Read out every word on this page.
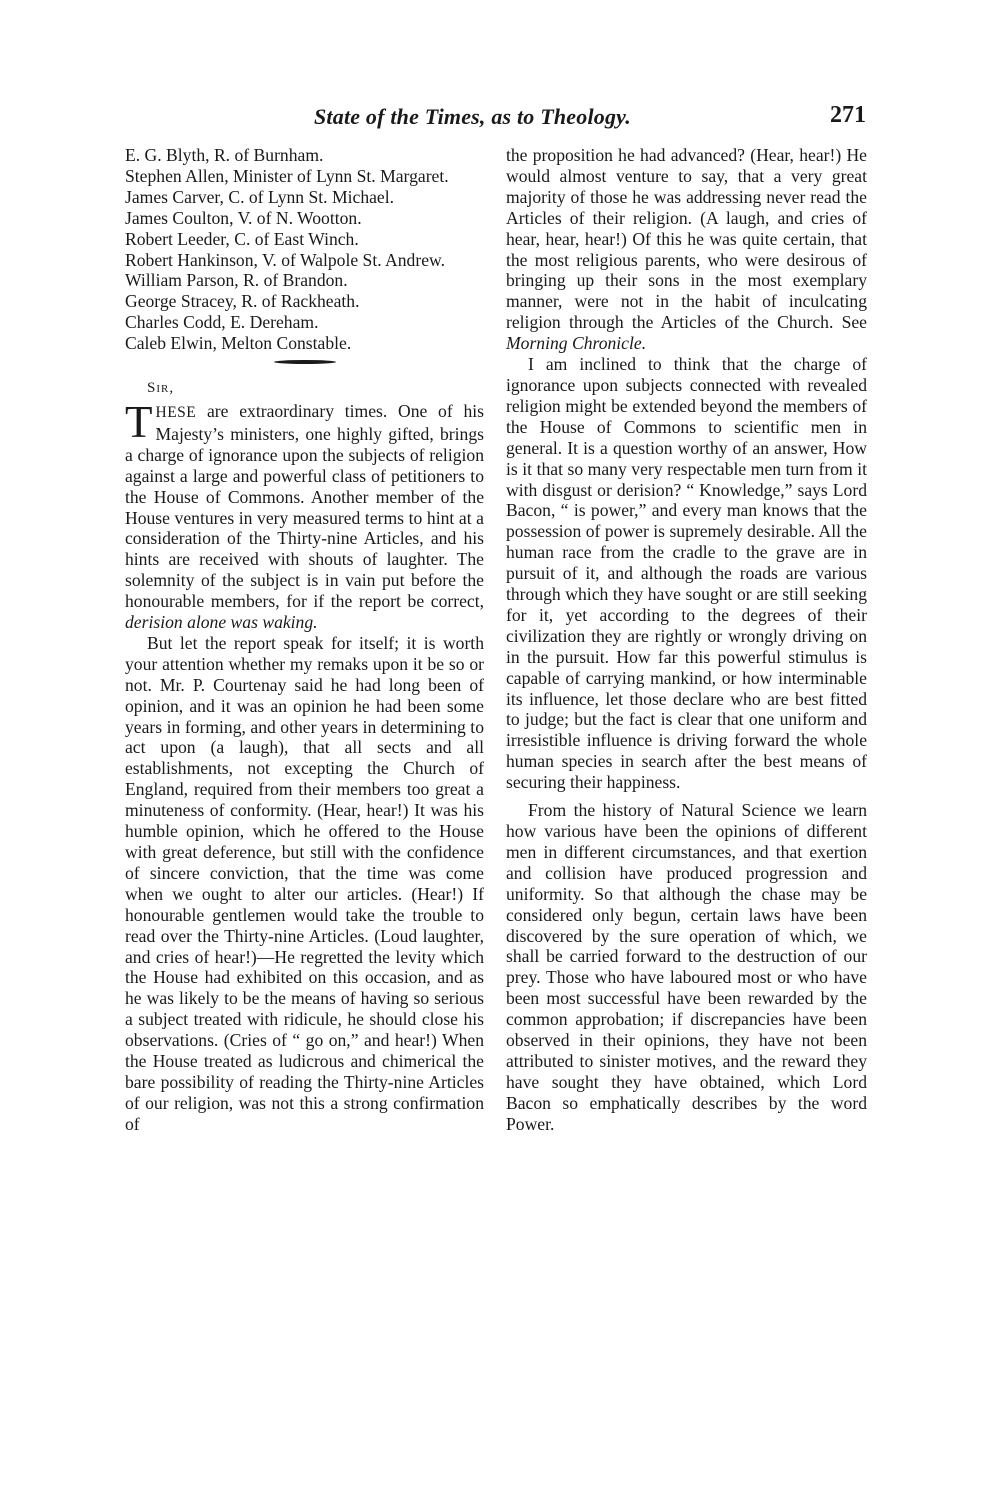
State of the Times, as to Theology.	271
E. G. Blyth, R. of Burnham.
Stephen Allen, Minister of Lynn St. Margaret.
James Carver, C. of Lynn St. Michael.
James Coulton, V. of N. Wootton.
Robert Leeder, C. of East Winch.
Robert Hankinson, V. of Walpole St. Andrew.
William Parson, R. of Brandon.
George Stracey, R. of Rackheath.
Charles Codd, E. Dereham.
Caleb Elwin, Melton Constable.
Sir,

THESE are extraordinary times. One of his Majesty’s ministers, one highly gifted, brings a charge of ignorance upon the subjects of religion against a large and powerful class of petitioners to the House of Commons. Another member of the House ventures in very measured terms to hint at a consideration of the Thirty-nine Articles, and his hints are received with shouts of laughter. The solemnity of the subject is in vain put before the honourable members, for if the report be correct, derision alone was waking.

But let the report speak for itself; it is worth your attention whether my remaks upon it be so or not. Mr. P. Courtenay said he had long been of opinion, and it was an opinion he had been some years in forming, and other years in determining to act upon (a laugh), that all sects and all establishments, not excepting the Church of England, required from their members too great a minuteness of conformity. (Hear, hear!) It was his humble opinion, which he offered to the House with great deference, but still with the confidence of sincere conviction, that the time was come when we ought to alter our articles. (Hear!) If honourable gentlemen would take the trouble to read over the Thirty-nine Articles. (Loud laughter, and cries of hear!)—He regretted the levity which the House had exhibited on this occasion, and as he was likely to be the means of having so serious a subject treated with ridicule, he should close his observations. (Cries of “ go on,” and hear!) When the House treated as ludicrous and chimerical the bare possibility of reading the Thirty-nine Articles of our religion, was not this a strong confirmation of

the proposition he had advanced? (Hear, hear!) He would almost venture to say, that a very great majority of those he was addressing never read the Articles of their religion. (A laugh, and cries of hear, hear, hear!) Of this he was quite certain, that the most religious parents, who were desirous of bringing up their sons in the most exemplary manner, were not in the habit of inculcating religion through the Articles of the Church. See Morning Chronicle.

I am inclined to think that the charge of ignorance upon subjects connected with revealed religion might be extended beyond the members of the House of Commons to scientific men in general. It is a question worthy of an answer, How is it that so many very respectable men turn from it with disgust or derision? “ Knowledge,” says Lord Bacon, “ is power,” and every man knows that the possession of power is supremely desirable. All the human race from the cradle to the grave are in pursuit of it, and although the roads are various through which they have sought or are still seeking for it, yet according to the degrees of their civilization they are rightly or wrongly driving on in the pursuit. How far this powerful stimulus is capable of carrying mankind, or how interminable its influence, let those declare who are best fitted to judge; but the fact is clear that one uniform and irresistible influence is driving forward the whole human species in search after the best means of securing their happiness.

From the history of Natural Science we learn how various have been the opinions of different men in different circumstances, and that exertion and collision have produced progression and uniformity. So that although the chase may be considered only begun, certain laws have been discovered by the sure operation of which, we shall be carried forward to the destruction of our prey. Those who have laboured most or who have been most successful have been rewarded by the common approbation; if discrepancies have been observed in their opinions, they have not been attributed to sinister motives, and the reward they have sought they have obtained, which Lord Bacon so emphatically describes by the word Power.
